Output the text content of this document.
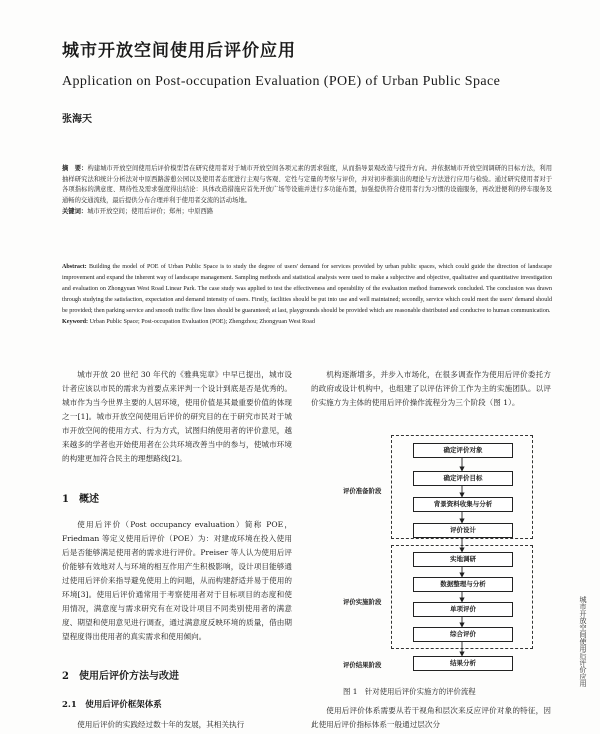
城市开放空间使用后评价应用
Application on Post-occupation Evaluation (POE) of Urban Public Space
张海天
摘　要：构建城市开放空间使用后评价模型旨在研究使用者对于城市开放空间各项元素的需求强度，从而指导景观改造与提升方向。并依据城市开放空间调研的目标方法，利用抽样研究法和统计分析法对中原西路游憩公园以及使用者态度进行主观与客观、定性与定量的考察与评价，并对初步推演出的理论与方法进行应用与检验。通过研究使用者对于各项指标的满意度、期待性及需求强度得出结论：具体改造措施应首先开放广场等设施并进行多功能布置，加强提供符合使用者行为习惯的设施服务，再改进便利的停车服务及通畅的交通流线，最后提供分布合理并利于使用者交流的活动场地。
关键词：城市开放空间；使用后评价；郑州；中原西路
Abstract: Building the model of POE of Urban Public Space is to study the degree of users' demand for services provided by urban public spaces, which could guide the direction of landscape improvement and expand the inherent way of landscape management. Sampling methods and statistical analysis were used to make a subjective and objective, qualitative and quantitative investigation and evaluation on Zhongyuan West Road Linear Park. The case study was applied to test the effectiveness and operability of the evaluation method framework concluded. The conclusion was drawn through studying the satisfaction, expectation and demand intensity of users. Firstly, facilities should be put into use and well maintained; secondly, service which could meet the users' demand should be provided; then parking service and smooth traffic flow lines should be guaranteed; at last, playgrounds should be provided which are reasonable distributed and conducive to human communication.
Keyword: Urban Public Space; Post-occupation Evaluation (POE); Zhengzhou; Zhongyuan West Road
城市开放 20 世纪 30 年代的《雅典宪章》中早已提出，城市设计者应该以市民的需求为首要点来评判一个设计到底是否是优秀的。城市作为当今世界主要的人居环境，使用价值是其最重要价值的体现之一[1]。城市开放空间使用后评价的研究目的在于研究市民对于城市开放空间的使用方式、行为方式，试图归纳使用者的评价意见，越来越多的学者也开始使用者在公共环境改善当中的参与，使城市环境的构建更加符合民主的理想路线[2]。
1　概述
使用后评价（Post occupancy evaluation）简称 POE，Friedman 等定义使用后评价（POE）为：对建成环境在投入使用后是否能够满足使用者的需求进行评价。Preiser 等人认为使用后评价能够有效地对人与环境的相互作用产生积极影响，设计项目能够通过使用后评价来指导避免使用上的问题，从而构建舒适并易于使用的环境[3]。使用后评价通常用于考察使用者对于目标项目的态度和使用情况，满意度与需求研究有在对设计项目不同类别使用者的满意度、期望和使用意见进行调查，通过满意度反映环境的质量，借由期望程度得出使用者的真实需求和使用倾向。
2　使用后评价方法与改进
2.1　使用后评价框架体系
使用后评价的实践经过数十年的发展，其相关执行
机构逐渐增多，并步入市场化，在很多调查作为使用后评价委托方的政府或设计机构中，也组建了以评估评价工作为主的实施团队。以评价实施方为主体的使用后评价操作流程分为三个阶段（图 1）。
评价准备阶段
评价实施阶段
评价结果阶段
确定评价对象
确定评价目标
背景资料收集与分析
评价设计
实地调研
数据整理与分析
单项评价
综合评价
结果分析
图 1　针对使用后评价实施方的评价流程
使用后评价体系需要从若干视角和层次来反应评价对象的特征，因此使用后评价指标体系一般通过层次分
城市开放空间使用后评价应用
